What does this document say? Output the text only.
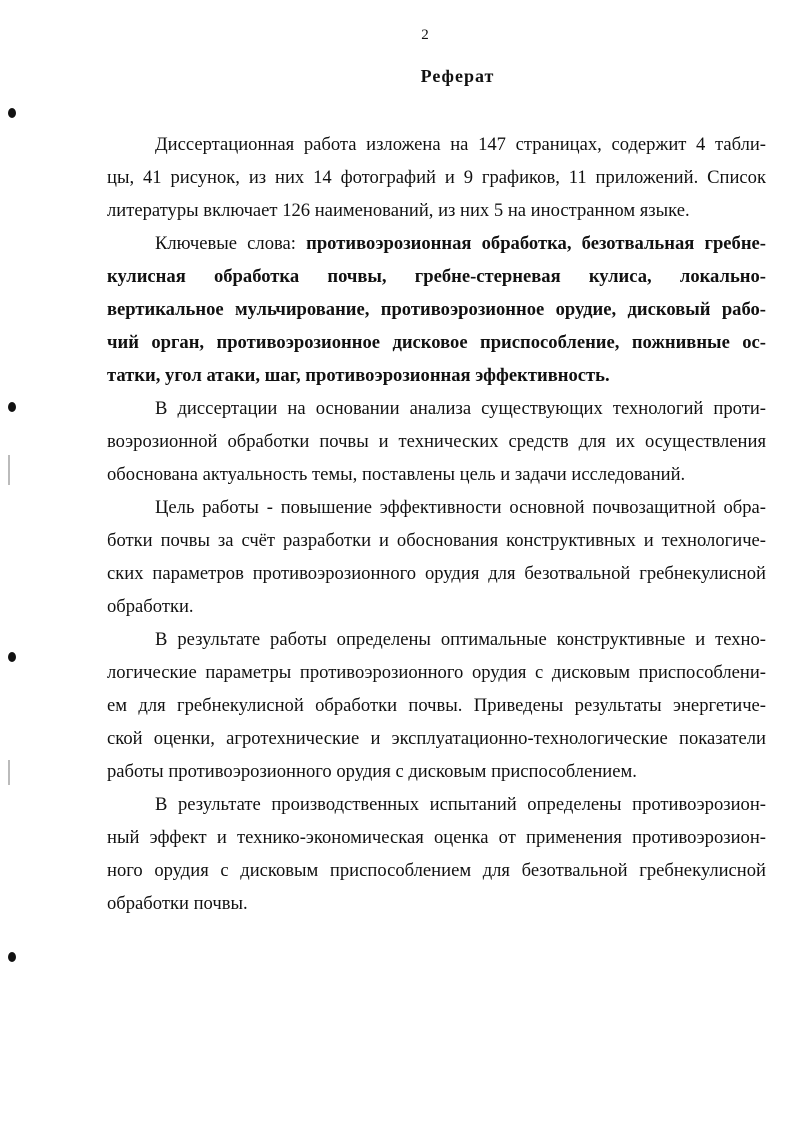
2
Реферат
Диссертационная работа изложена на 147 страницах, содержит 4 табли-
цы, 41 рисунок, из них 14 фотографий и 9 графиков, 11 приложений. Список
литературы включает 126 наименований, из них 5 на иностранном языке.
Ключевые слова: противоэрозионная обработка, безотвальная гребне-
кулисная обработка почвы, гребне-стерневая кулиса, локально-
вертикальное мульчирование, противоэрозионное орудие, дисковый рабо-
чий орган, противоэрозионное дисковое приспособление, пожнивные ос-
татки, угол атаки, шаг, противоэрозионная эффективность.
В диссертации на основании анализа существующих технологий проти-
воэрозионной обработки почвы и технических средств для их осуществления
обоснована актуальность темы, поставлены цель и задачи исследований.
Цель работы - повышение эффективности основной почвозащитной обра-
ботки почвы за счёт разработки и обоснования конструктивных и технологиче-
ских параметров противоэрозионного орудия для безотвальной гребнекулисной
обработки.
В результате работы определены оптимальные конструктивные и техно-
логические параметры противоэрозионного орудия с дисковым приспособлени-
ем для гребнекулисной обработки почвы. Приведены результаты энергетиче-
ской оценки, агротехнические и эксплуатационно-технологические показатели
работы противоэрозионного орудия с дисковым приспособлением.
В результате производственных испытаний определены противоэрозион-
ный эффект и технико-экономическая оценка от применения противоэрозион-
ного орудия с дисковым приспособлением для безотвальной гребнекулисной
обработки почвы.
